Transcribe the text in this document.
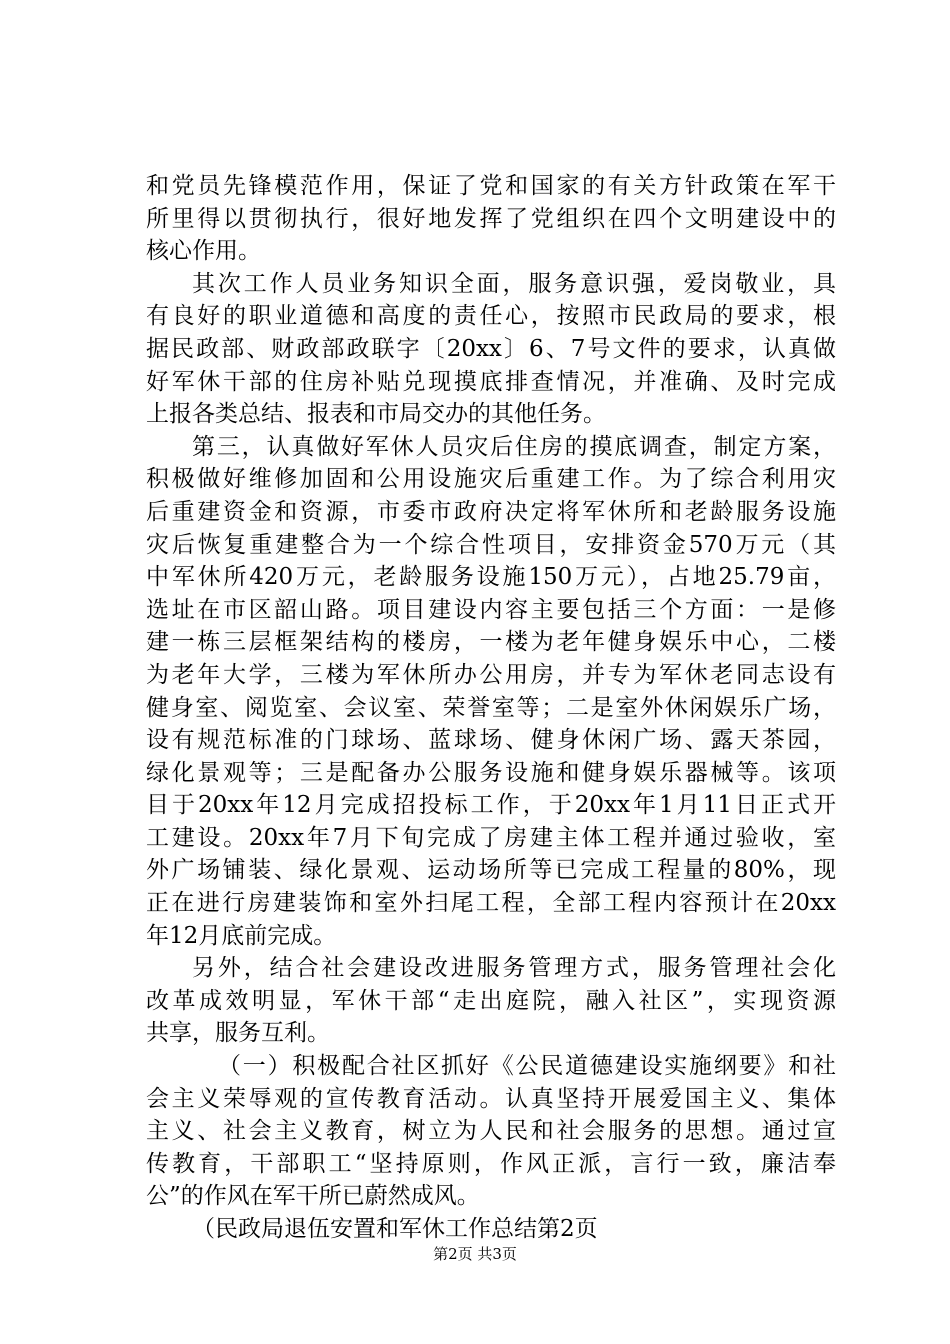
和党员先锋模范作用，保证了党和国家的有关方针政策在军干
所里得以贯彻执行，很好地发挥了党组织在四个文明建设中的
核心作用。
其次工作人员业务知识全面，服务意识强，爱岗敬业，具
有良好的职业道德和高度的责任心，按照市民政局的要求，根
据民政部、财政部政联字〔20xx〕6、7号文件的要求，认真做
好军休干部的住房补贴兑现摸底排查情况，并准确、及时完成
上报各类总结、报表和市局交办的其他任务。
第三，认真做好军休人员灾后住房的摸底调查，制定方案，
积极做好维修加固和公用设施灾后重建工作。为了综合利用灾
后重建资金和资源，市委市政府决定将军休所和老龄服务设施
灾后恢复重建整合为一个综合性项目，安排资金570万元（其
中军休所420万元，老龄服务设施150万元），占地25.79亩，
选址在市区韶山路。项目建设内容主要包括三个方面：一是修
建一栋三层框架结构的楼房，一楼为老年健身娱乐中心，二楼
为老年大学，三楼为军休所办公用房，并专为军休老同志设有
健身室、阅览室、会议室、荣誉室等；二是室外休闲娱乐广场，
设有规范标准的门球场、蓝球场、健身休闲广场、露天茶园，
绿化景观等；三是配备办公服务设施和健身娱乐器械等。该项
目于20xx年12月完成招投标工作，于20xx年1月11日正式开
工建设。20xx年7月下旬完成了房建主体工程并通过验收，室
外广场铺装、绿化景观、运动场所等已完成工程量的80%，现
正在进行房建装饰和室外扫尾工程，全部工程内容预计在20xx
年12月底前完成。
另外，结合社会建设改进服务管理方式，服务管理社会化
改革成效明显，军休干部“走出庭院，融入社区”，实现资源
共享，服务互利。
（一）积极配合社区抓好《公民道德建设实施纲要》和社
会主义荣辱观的宣传教育活动。认真坚持开展爱国主义、集体
主义、社会主义教育，树立为人民和社会服务的思想。通过宣
传教育，干部职工“坚持原则，作风正派，言行一致，廉洁奉
公”的作风在军干所已蔚然成风。
（民政局退伍安置和军休工作总结第2页
第2页 共3页
